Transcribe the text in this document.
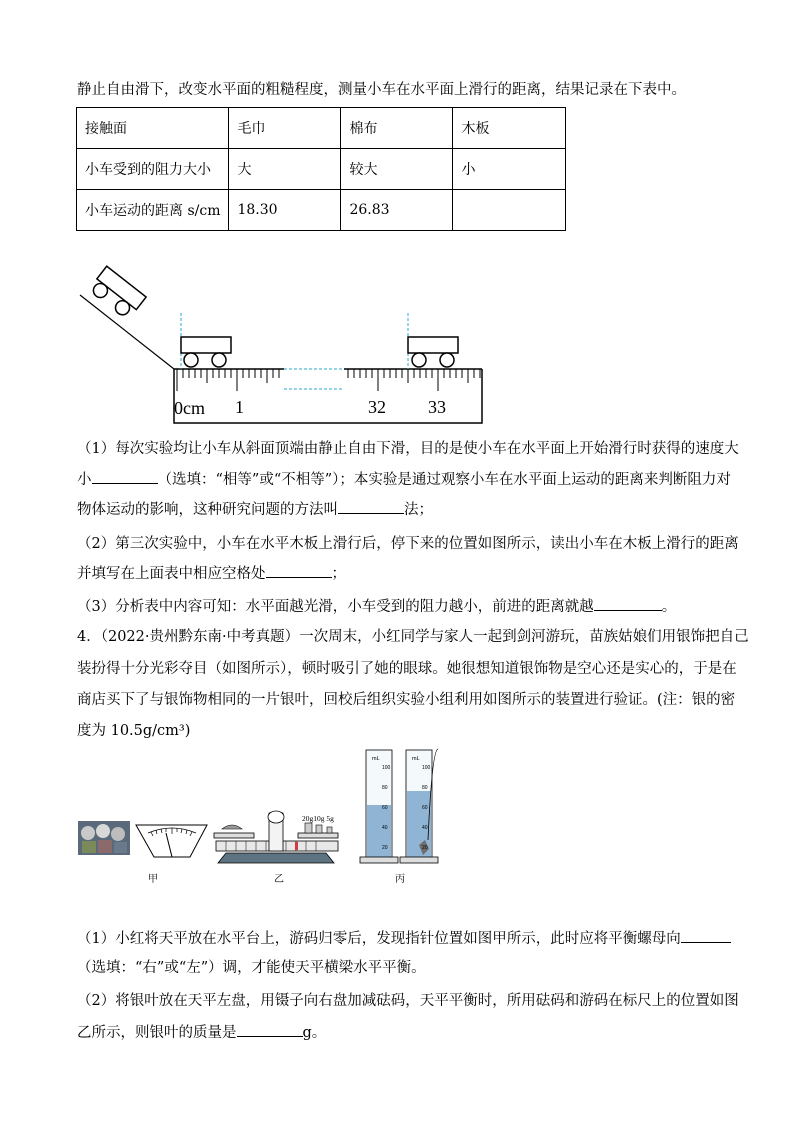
静止自由滑下，改变水平面的粗糙程度，测量小车在水平面上滑行的距离，结果记录在下表中。
接触面	毛巾	棉布	木板
小车受到的阻力大小	大	较大	小
小车运动的距离 s/cm	18.30	26.83	
0cm 1	32 33
（1）每次实验均让小车从斜面顶端由静止自由下滑，目的是使小车在水平面上开始滑行时获得的速度大
小	（选填：“相等”或“不相等”）；本实验是通过观察小车在水平面上运动的距离来判断阻力对
物体运动的影响，这种研究问题的方法叫	法；
（2）第三次实验中，小车在水平木板上滑行后，停下来的位置如图所示，读出小车在木板上滑行的距离
并填写在上面表中相应空格处	；
（3）分析表中内容可知：水平面越光滑，小车受到的阻力越小，前进的距离就越	。
4．（2022·贵州黔东南·中考真题）一次周末，小红同学与家人一起到剑河游玩，苗族姑娘们用银饰把自己
装扮得十分光彩夺目（如图所示），顿时吸引了她的眼球。她很想知道银饰物是空心还是实心的，于是在
商店买下了与银饰物相同的一片银叶，回校后组织实验小组利用如图所示的装置进行验证。(注：银的密
度为 10.5g/cm³)
20g10g 5g
mL	mL
100
80
60
40
20
100
80
60
40
20
甲	乙	丙
（1）小红将天平放在水平台上，游码归零后，发现指针位置如图甲所示，此时应将平衡螺母向
（选填：“右”或“左”）调，才能使天平横梁水平平衡。
（2）将银叶放在天平左盘，用镊子向右盘加减砝码，天平平衡时，所用砝码和游码在标尺上的位置如图
乙所示，则银叶的质量是	g。
